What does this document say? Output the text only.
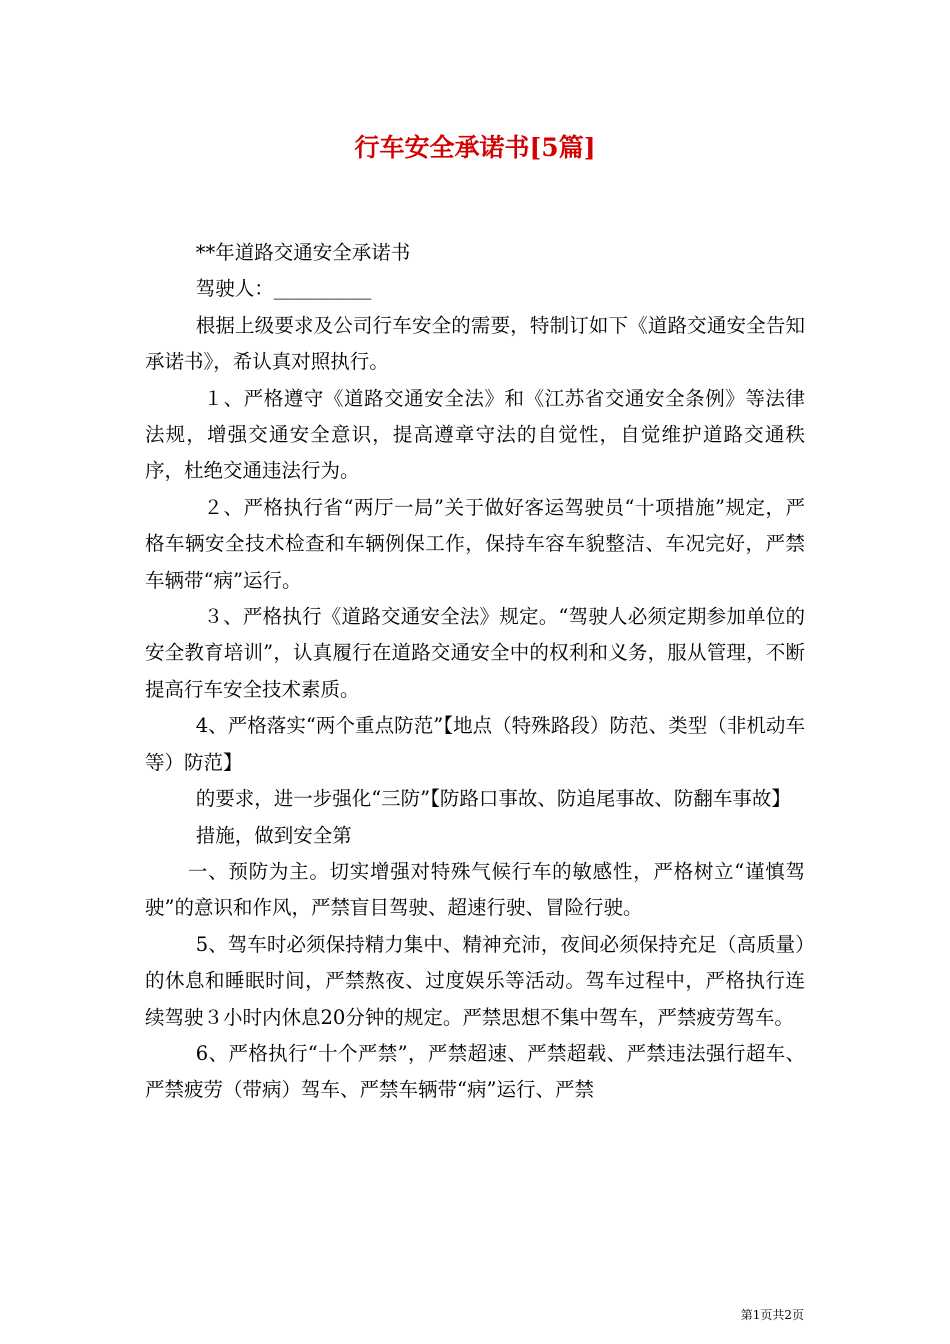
行车安全承诺书[5篇]

**年道路交通安全承诺书

驾驶人：__________

根据上级要求及公司行车安全的需要，特制订如下《道路交通安全告知承诺书》，希认真对照执行。

１、严格遵守《道路交通安全法》和《江苏省交通安全条例》等法律法规，增强交通安全意识，提高遵章守法的自觉性，自觉维护道路交通秩序，杜绝交通违法行为。

２、严格执行省“两厅一局”关于做好客运驾驶员“十项措施”规定，严格车辆安全技术检查和车辆例保工作，保持车容车貌整洁、车况完好，严禁车辆带“病”运行。

３、严格执行《道路交通安全法》规定。“驾驶人必须定期参加单位的安全教育培训”，认真履行在道路交通安全中的权利和义务，服从管理，不断提高行车安全技术素质。

4、严格落实“两个重点防范”【地点（特殊路段）防范、类型（非机动车等）防范】

的要求，进一步强化“三防”【防路口事故、防追尾事故、防翻车事故】

措施，做到安全第

一、预防为主。切实增强对特殊气候行车的敏感性，严格树立“谨慎驾驶”的意识和作风，严禁盲目驾驶、超速行驶、冒险行驶。

5、驾车时必须保持精力集中、精神充沛，夜间必须保持充足（高质量）的休息和睡眠时间，严禁熬夜、过度娱乐等活动。驾车过程中，严格执行连续驾驶３小时内休息20分钟的规定。严禁思想不集中驾车，严禁疲劳驾车。

6、严格执行“十个严禁”，严禁超速、严禁超载、严禁违法强行超车、严禁疲劳（带病）驾车、严禁车辆带“病”运行、严禁

第1页共2页
